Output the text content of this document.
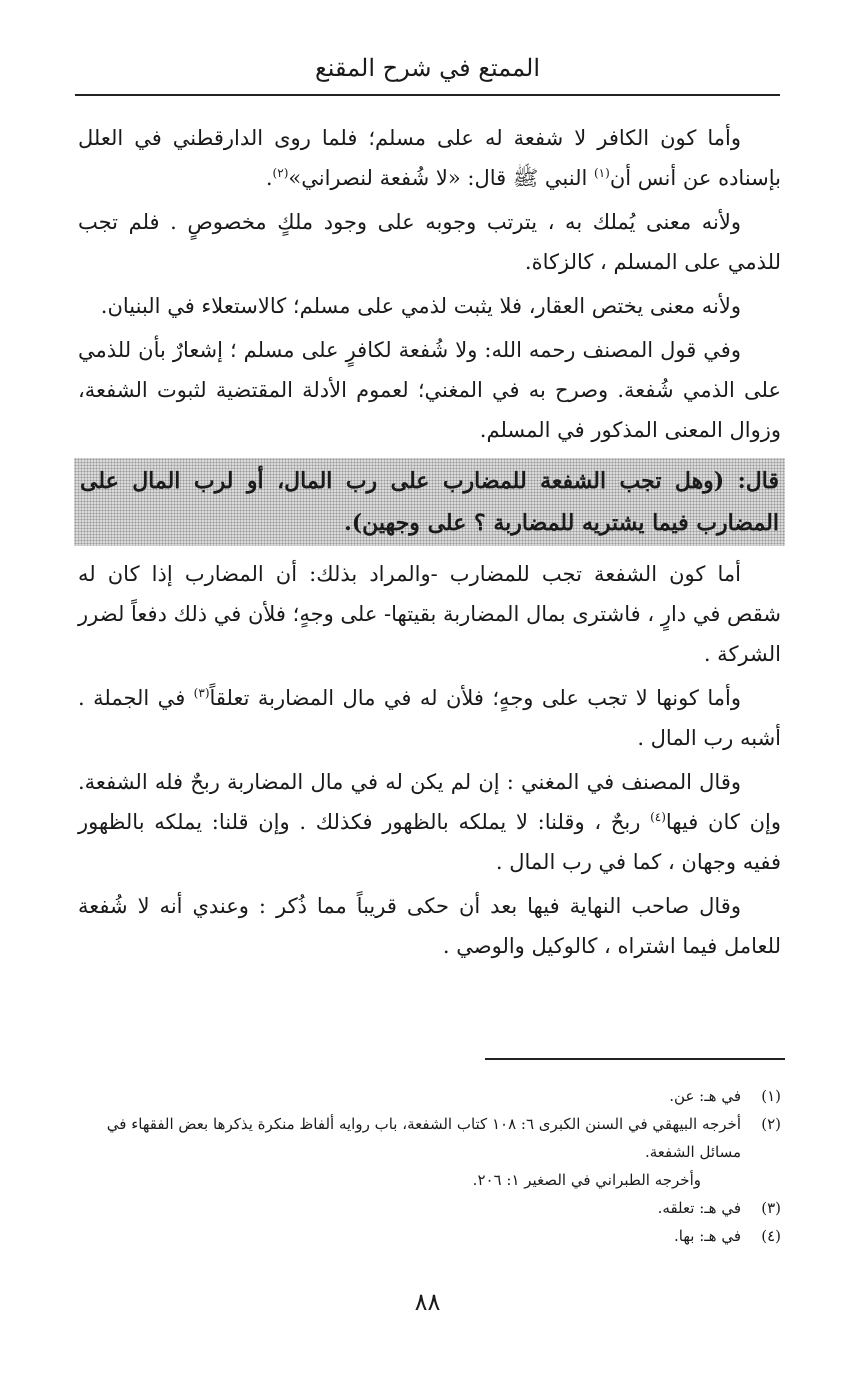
الممتع في شرح المقنع

وأما كون الكافر لا شفعة له على مسلم؛ فلما روى الدارقطني في العلل بإسناده عن أنس أن$^{(١)}$ النبي ﷺ قال: «لا شُفعة لنصراني»$^{(٢)}$.

ولأنه معنى يُملك به ، يترتب وجوبه على وجود ملكٍ مخصوصٍ . فلم تجب للذمي على المسلم ، كالزكاة.

ولأنه معنى يختص العقار، فلا يثبت لذمي على مسلم؛ كالاستعلاء في البنيان.

وفي قول المصنف رحمه الله: ولا شُفعة لكافرٍ على مسلم ؛ إشعارٌ بأن للذمي على الذمي شُفعة. وصرح به في المغني؛ لعموم الأدلة المقتضية لثبوت الشفعة، وزوال المعنى المذكور في المسلم.

قال: (وهل تجب الشفعة للمضارب على رب المال، أو لرب المال على المضارب فيما يشتريه للمضاربة ؟ على وجهين).

أما كون الشفعة تجب للمضارب -والمراد بذلك: أن المضارب إذا كان له شقص في دارٍ ، فاشترى بمال المضاربة بقيتها- على وجهٍ؛ فلأن في ذلك دفعاً لضرر الشركة .

وأما كونها لا تجب على وجهٍ؛ فلأن له في مال المضاربة تعلقاً$^{(٣)}$ في الجملة . أشبه رب المال .

وقال المصنف في المغني : إن لم يكن له في مال المضاربة ربحٌ فله الشفعة. وإن كان فيها$^{(٤)}$ ربحٌ ، وقلنا: لا يملكه بالظهور فكذلك . وإن قلنا: يملكه بالظهور ففيه وجهان ، كما في رب المال .

وقال صاحب النهاية فيها بعد أن حكى قريباً مما ذُكر : وعندي أنه لا شُفعة للعامل فيما اشتراه ، كالوكيل والوصي .

(١)في هـ: عن.

(٢)أخرجه البيهقي في السنن الكبرى ٦: ١٠٨ كتاب الشفعة، باب روايه ألفاظ منكرة يذكرها بعض الفقهاء في مسائل الشفعة.

وأخرجه الطبراني في الصغير ١: ٢٠٦.

(٣)في هـ: تعلقه.

(٤)في هـ: بها.

٨٨
